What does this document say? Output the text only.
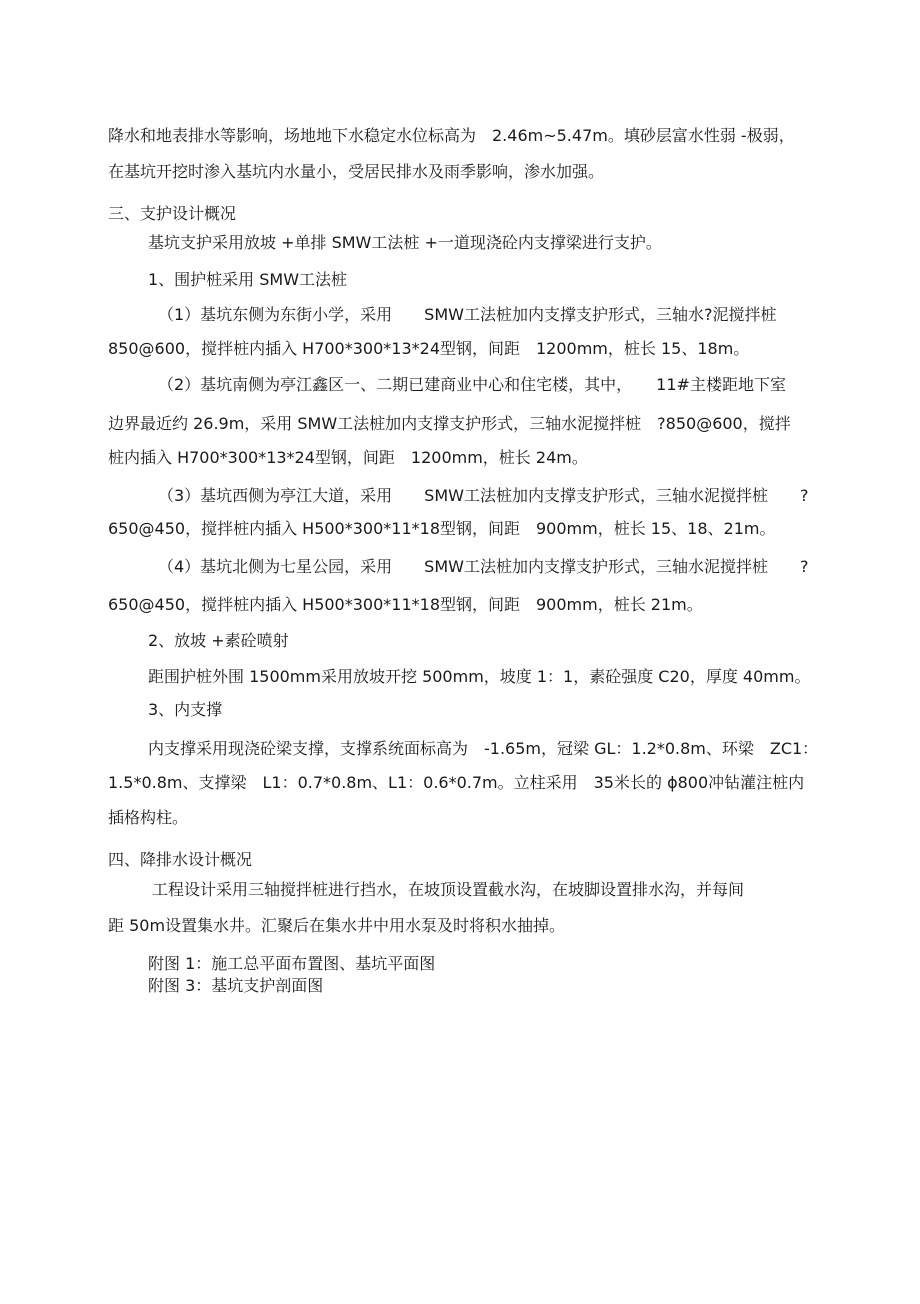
降水和地表排水等影响，场地地下水稳定水位标高为　2.46m~5.47m。填砂层富水性弱 -极弱，

在基坑开挖时渗入基坑内水量小，受居民排水及雨季影响，渗水加强。

三、支护设计概况

基坑支护采用放坡 +单排 SMW工法桩 +一道现浇砼内支撑梁进行支护。

1、围护桩采用 SMW工法桩

（1）基坑东侧为东街小学，采用　　SMW工法桩加内支撑支护形式，三轴水?泥搅拌桩

850@600，搅拌桩内插入 H700*300*13*24型钢，间距　1200mm，桩长 15、18m。

（2）基坑南侧为亭江鑫区一、二期已建商业中心和住宅楼，其中，　　11#主楼距地下室

边界最近约 26.9m，采用 SMW工法桩加内支撑支护形式，三轴水泥搅拌桩　?850@600，搅拌

桩内插入 H700*300*13*24型钢，间距　1200mm，桩长 24m。

（3）基坑西侧为亭江大道，采用　　SMW工法桩加内支撑支护形式，三轴水泥搅拌桩　　?

650@450，搅拌桩内插入 H500*300*11*18型钢，间距　900mm，桩长 15、18、21m。

（4）基坑北侧为七星公园，采用　　SMW工法桩加内支撑支护形式，三轴水泥搅拌桩　　?

650@450，搅拌桩内插入 H500*300*11*18型钢，间距　900mm，桩长 21m。

2、放坡 +素砼喷射

距围护桩外围 1500mm采用放坡开挖 500mm，坡度 1：1，素砼强度 C20，厚度 40mm。

3、内支撑

内支撑采用现浇砼梁支撑，支撑系统面标高为　-1.65m，冠梁 GL：1.2*0.8m、环梁　ZC1：

1.5*0.8m、支撑梁　L1：0.7*0.8m、L1：0.6*0.7m。立柱采用　35米长的 ϕ800冲钻灌注桩内

插格构柱。

四、降排水设计概况

工程设计采用三轴搅拌桩进行挡水，在坡顶设置截水沟，在坡脚设置排水沟，并每间

距 50m设置集水井。汇聚后在集水井中用水泵及时将积水抽掉。

附图 1：施工总平面布置图、基坑平面图

附图 3：基坑支护剖面图
